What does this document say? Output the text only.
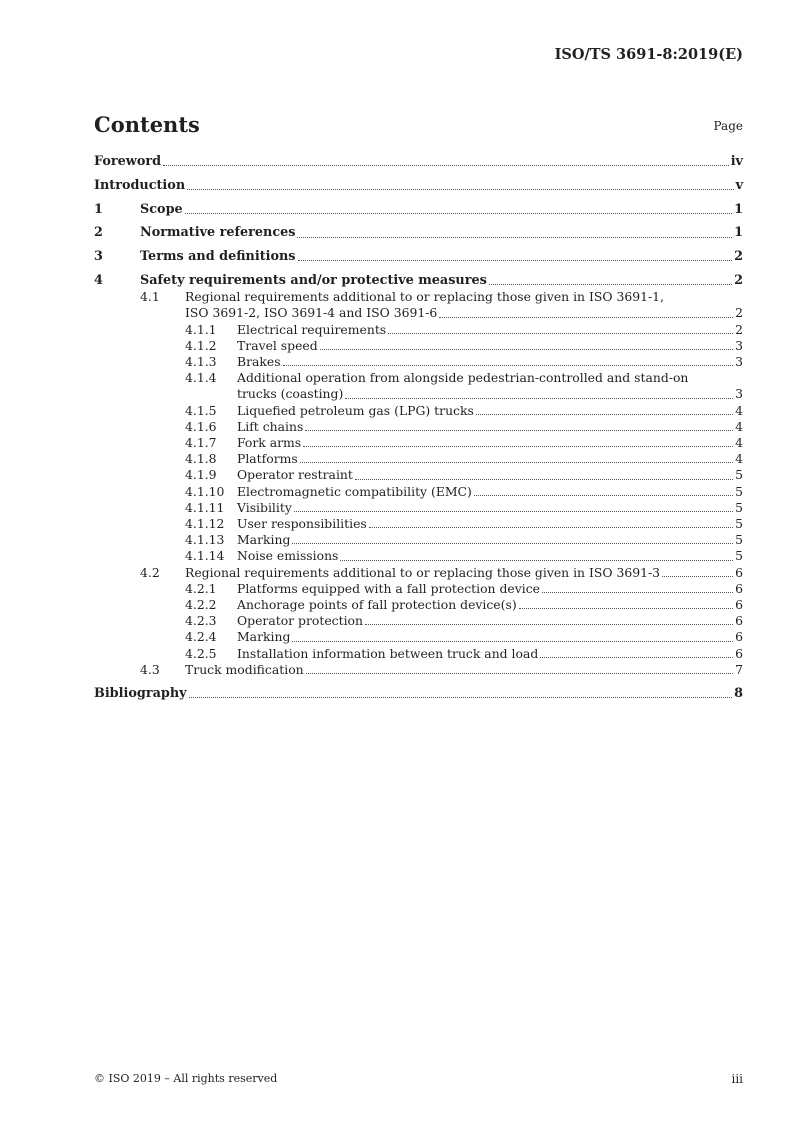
ISO/TS 3691-8:2019(E)
Contents	Page
Foreword	iv
Introduction	v
1	Scope	1
2	Normative references	1
3	Terms and definitions	2
4	Safety requirements and/or protective measures	2
4.1	Regional requirements additional to or replacing those given in ISO 3691-1,
ISO 3691-2, ISO 3691-4 and ISO 3691-6	2
4.1.1	Electrical requirements	2
4.1.2	Travel speed	3
4.1.3	Brakes	3
4.1.4	Additional operation from alongside pedestrian-controlled and stand-on
trucks (coasting)	3
4.1.5	Liquefied petroleum gas (LPG) trucks	4
4.1.6	Lift chains	4
4.1.7	Fork arms	4
4.1.8	Platforms	4
4.1.9	Operator restraint	5
4.1.10	Electromagnetic compatibility (EMC)	5
4.1.11	Visibility	5
4.1.12	User responsibilities	5
4.1.13	Marking	5
4.1.14	Noise emissions	5
4.2	Regional requirements additional to or replacing those given in ISO 3691-3	6
4.2.1	Platforms equipped with a fall protection device	6
4.2.2	Anchorage points of fall protection device(s)	6
4.2.3	Operator protection	6
4.2.4	Marking	6
4.2.5	Installation information between truck and load	6
4.3	Truck modification	7
Bibliography	8
© ISO 2019 – All rights reserved	iii
